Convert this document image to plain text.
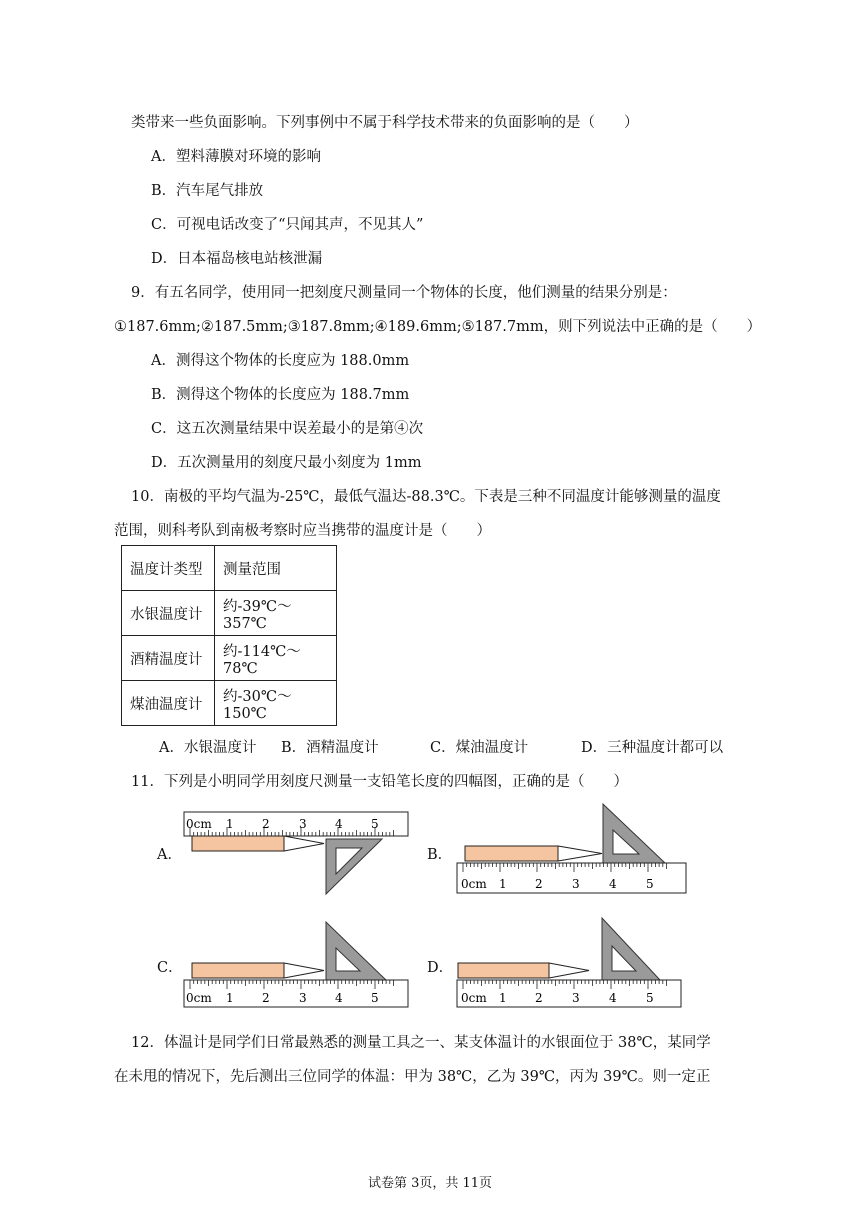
类带来一些负面影响。下列事例中不属于科学技术带来的负面影响的是（　　）
A．塑料薄膜对环境的影响
B．汽车尾气排放
C．可视电话改变了“只闻其声，不见其人”
D．日本福岛核电站核泄漏
9．有五名同学，使用同一把刻度尺测量同一个物体的长度，他们测量的结果分别是：
①187.6mm;②187.5mm;③187.8mm;④189.6mm;⑤187.7mm，则下列说法中正确的是（　　）
A．测得这个物体的长度应为 188.0mm
B．测得这个物体的长度应为 188.7mm
C．这五次测量结果中误差最小的是第④次
D．五次测量用的刻度尺最小刻度为 1mm
10．南极的平均气温为-25℃，最低气温达-88.3℃。下表是三种不同温度计能够测量的温度
范围，则科考队到南极考察时应当携带的温度计是（　　）
温度计类型	测量范围
水银温度计	约-39℃～357℃
酒精温度计	约-114℃～78℃
煤油温度计	约-30℃～150℃
A．水银温度计 B．酒精温度计	C．煤油温度计	D．三种温度计都可以
11．下列是小明同学用刻度尺测量一支铅笔长度的四幅图，正确的是（　　）
A．	B．
C．	D．
0cm 1 2 3 4 5
0cm 1 2 3 4 5
0cm 1 2 3 4 5	0cm 1 2 3 4 5
12．体温计是同学们日常最熟悉的测量工具之一、某支体温计的水银面位于 38℃，某同学
在未甩的情况下，先后测出三位同学的体温：甲为 38℃，乙为 39℃，丙为 39℃。则一定正
试卷第 3页，共 11页
